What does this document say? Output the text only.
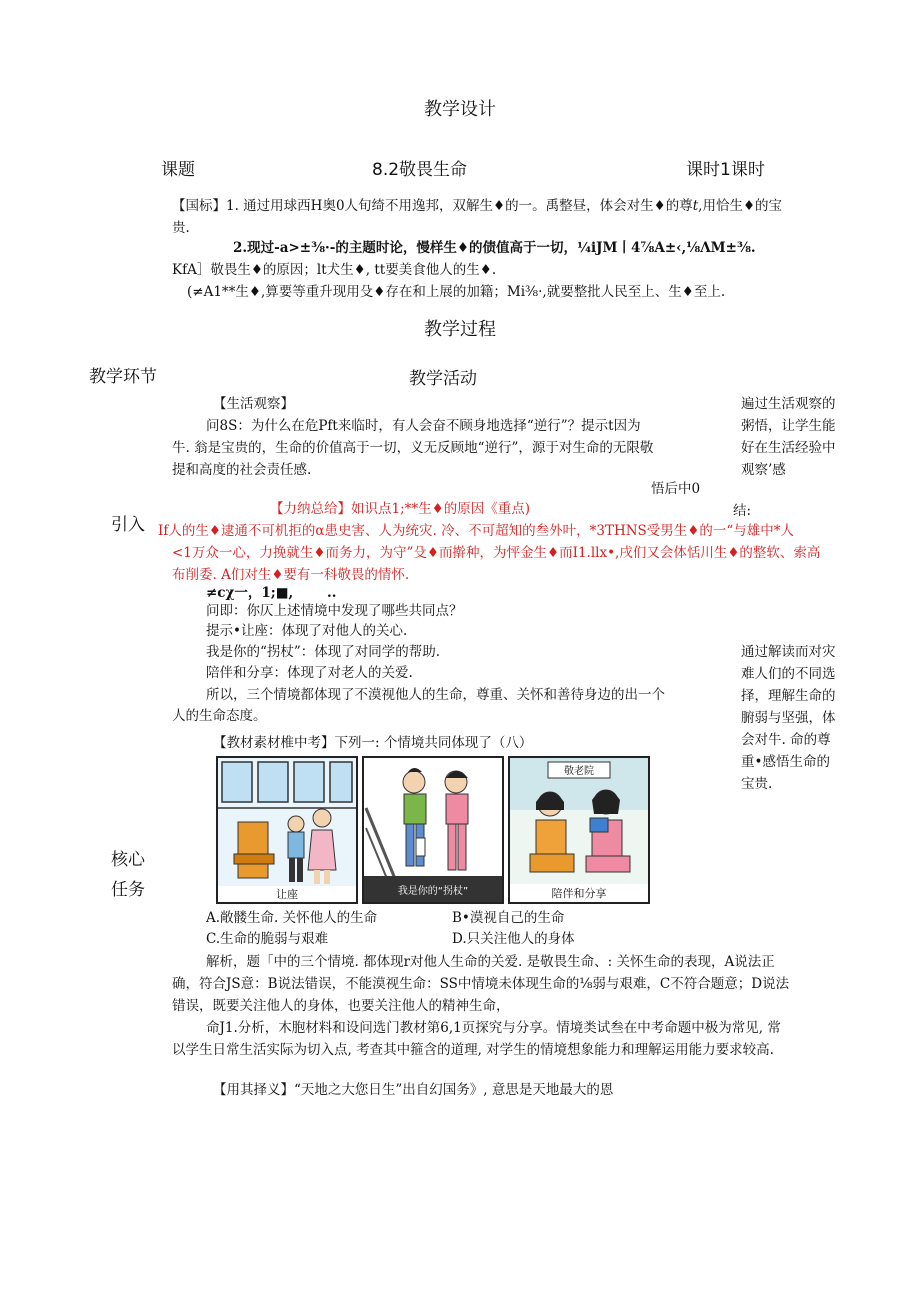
教学设计
课题	8.2敬畏生命	课时1课时
【国标】1. 通过用球西H奥0人旬绮不用逸邦，双解生♦的一。禹整昼，体会对生♦的尊𝑡,用恰生♦的宝
贵.
2.现过-a>±⅜·-的主题时论，慢样生♦的债值高于一切，¼iJM丨4⅞A±‹,⅛ΛM±⅜.
KfA］敬畏生♦的原因；lt犬生♦, tt要美食他人的生♦.
(≠A1**生♦,算要等重升现用殳♦存在和上展的加籍；Mi⅜·,就要整批人民至上、生♦至上.
教学过程
教学环节	教学活动
【生活观察】
问8S：为什么在危Pft来临时，有人会奋不顾身地选择“逆行”？提示t因为
牛. 翁是宝贵的，生命的价值高于一切，义无反顾地“逆行”，源于对生命的无限敬
提和高度的社会责任感.
悟后中0
遍过生活观察的粥悟，让学生能好在生活经验中观察’感
结:
引入
【力纳总给】如识点1;**生♦的原因《重点)
If人的生♦逮通不可机拒的α患史害、人为统灾. 冷、不可超知的叁外叶，*3THNS受男生♦的一“与雄中*人
<1万众一心，力挽就生♦而务力，为守”殳♦而擀种，为怦金生♦而I1.llx•,戌们又会体恬川生♦的整软、索高
布削委. A们对生♦要有一科敬畏的情怀.
≠cχ一，1;■,	..
问即：你仄上述情境中发现了哪些共同点？
提示•让座：体现了对他人的关心.
我是你的“拐杖”：体现了对同学的帮助.
陪伴和分享：体现了对老人的关爱.
所以，三个情境都体现了不漠视他人的生命，尊重、关怀和善待身边的出一个
人的生命态度。
通过解读而对灾难人们的不同选择，理解生命的腑弱与坚强，体会对牛. 命的尊重•感悟生命的宝贵.
【教材素材椎中考】下列一: 个情境共同体现了（八）
让座	我是你的“拐杖”
敬老院
陪伴和分享
核心
任务
A.敞髅生命. 关怀他人的生命	B•漠视自己的生命
C.生命的脆弱与艰难	D.只关注他人的身体
解析，题「中的三个情境. 都体现r对他人生命的关爱. 是敬畏生命、: 关怀生命的表现，A说法正
确，符合JS意：B说法错误，不能漠视生命：SS中情境未体现生命的⅛弱与艰难，C不符合题意；D说法
错误，既要关注他人的身体，也要关注他人的精神生命，
命J1.分析，木胞材料和设问选门教材第6,1页探究与分享。情境类试叁在中考命题中极为常见, 常
以学生日常生活实际为切入点, 考查其中箍含的道理, 对学生的情境想象能力和理解运用能力要求较高.
【用其择义】“天地之大您日生”出自幻国务》, 意思是天地最大的恩
